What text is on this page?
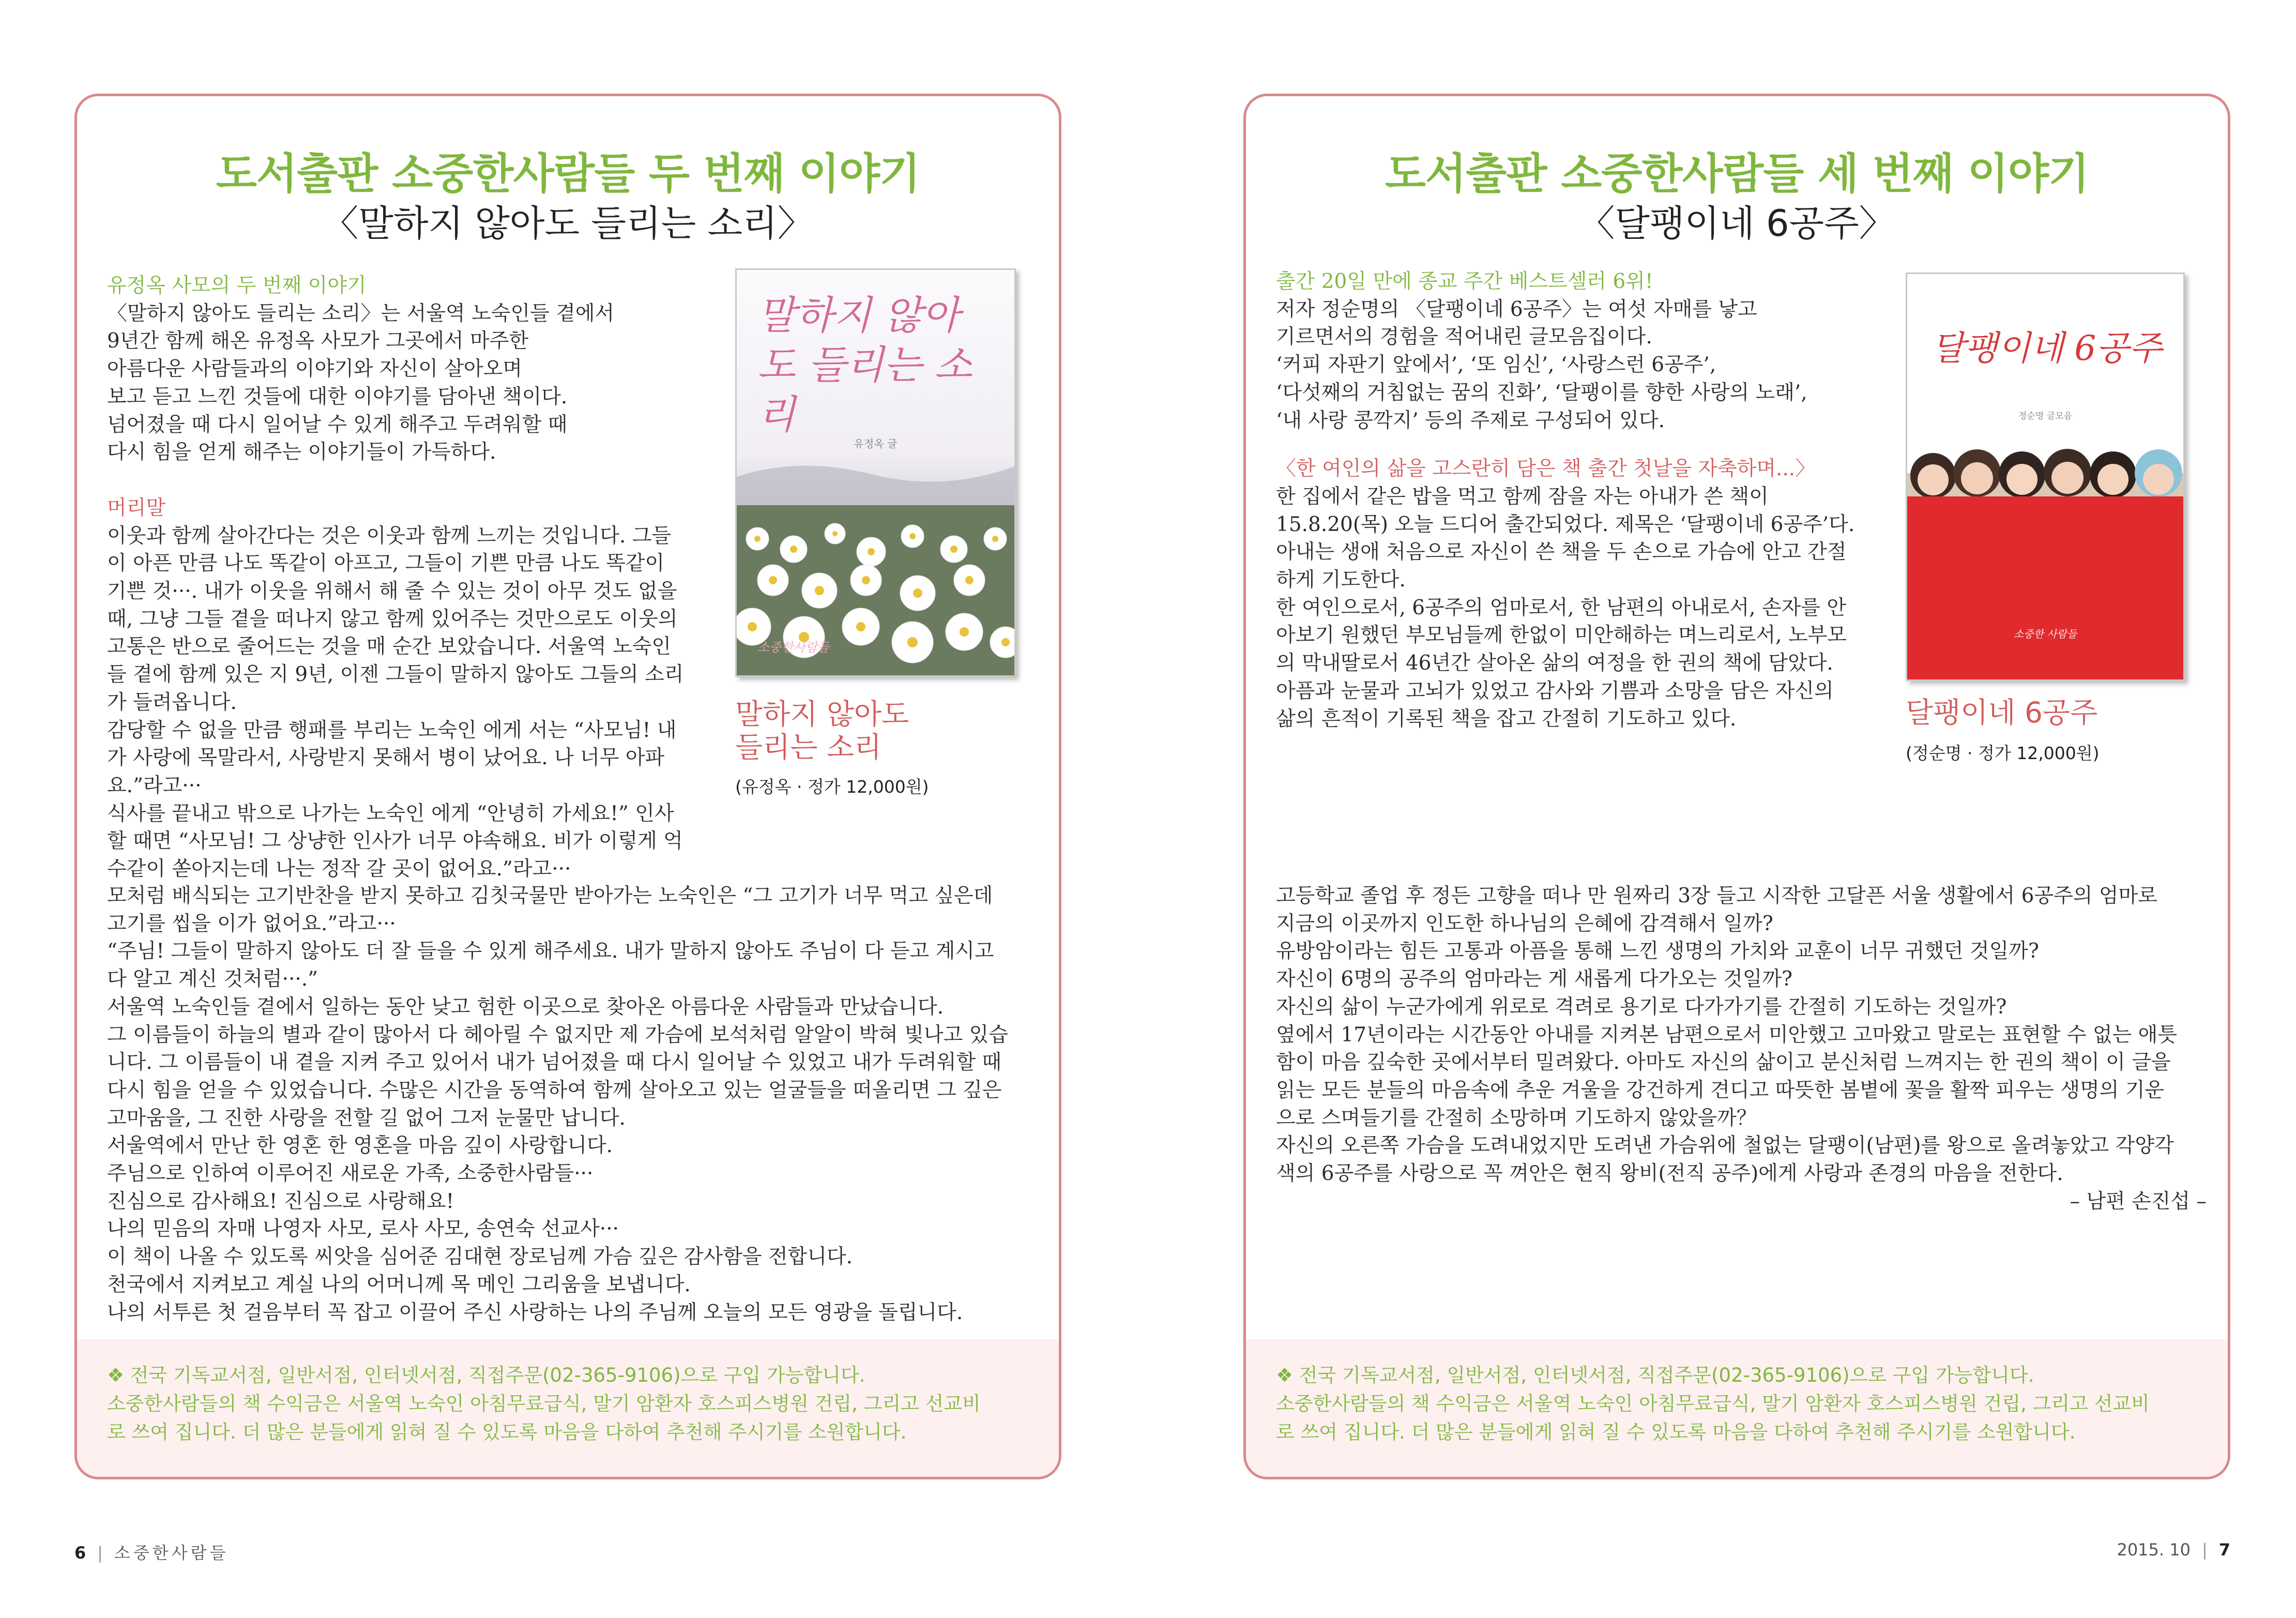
도서출판 소중한사람들 두 번째 이야기
〈말하지 않아도 들리는 소리〉

유정옥 사모의 두 번째 이야기

〈말하지 않아도 들리는 소리〉는 서울역 노숙인들 곁에서

9년간 함께 해온 유정옥 사모가 그곳에서 마주한

아름다운 사람들과의 이야기와 자신이 살아오며

보고 듣고 느낀 것들에 대한 이야기를 담아낸 책이다.

넘어졌을 때 다시 일어날 수 있게 해주고 두려워할 때

다시 힘을 얻게 해주는 이야기들이 가득하다.

머리말

이웃과 함께 살아간다는 것은 이웃과 함께 느끼는 것입니다. 그들

이 아픈 만큼 나도 똑같이 아프고, 그들이 기쁜 만큼 나도 똑같이

기쁜 것···. 내가 이웃을 위해서 해 줄 수 있는 것이 아무 것도 없을

때, 그냥 그들 곁을 떠나지 않고 함께 있어주는 것만으로도 이웃의

고통은 반으로 줄어드는 것을 매 순간 보았습니다. 서울역 노숙인

들 곁에 함께 있은 지 9년, 이젠 그들이 말하지 않아도 그들의 소리

가 들려옵니다.

감당할 수 없을 만큼 행패를 부리는 노숙인 에게 서는 “사모님! 내

가 사랑에 목말라서, 사랑받지 못해서 병이 났어요. 나 너무 아파

요.”라고···

식사를 끝내고 밖으로 나가는 노숙인 에게 “안녕히 가세요!” 인사

할 때면 “사모님! 그 상냥한 인사가 너무 야속해요. 비가 이렇게 억

수같이 쏟아지는데 나는 정작 갈 곳이 없어요.”라고···

모처럼 배식되는 고기반찬을 받지 못하고 김칫국물만 받아가는 노숙인은 “그 고기가 너무 먹고 싶은데

고기를 씹을 이가 없어요.”라고···

“주님! 그들이 말하지 않아도 더 잘 들을 수 있게 해주세요. 내가 말하지 않아도 주님이 다 듣고 계시고

다 알고 계신 것처럼···.”

서울역 노숙인들 곁에서 일하는 동안 낮고 험한 이곳으로 찾아온 아름다운 사람들과 만났습니다.

그 이름들이 하늘의 별과 같이 많아서 다 헤아릴 수 없지만 제 가슴에 보석처럼 알알이 박혀 빛나고 있습

니다. 그 이름들이 내 곁을 지켜 주고 있어서 내가 넘어졌을 때 다시 일어날 수 있었고 내가 두려워할 때

다시 힘을 얻을 수 있었습니다. 수많은 시간을 동역하여 함께 살아오고 있는 얼굴들을 떠올리면 그 깊은

고마움을, 그 진한 사랑을 전할 길 없어 그저 눈물만 납니다.

서울역에서 만난 한 영혼 한 영혼을 마음 깊이 사랑합니다.

주님으로 인하여 이루어진 새로운 가족, 소중한사람들···

진심으로 감사해요! 진심으로 사랑해요!

나의 믿음의 자매 나영자 사모, 로사 사모, 송연숙 선교사···

이 책이 나올 수 있도록 씨앗을 심어준 김대현 장로님께 가슴 깊은 감사함을 전합니다.

천국에서 지켜보고 계실 나의 어머니께 목 메인 그리움을 보냅니다.

나의 서투른 첫 걸음부터 꼭 잡고 이끌어 주신 사랑하는 나의 주님께 오늘의 모든 영광을 돌립니다.

말하지 않아도 들리는 소리
유정옥 글
소중한사람들
말하지 않아도
들리는 소리
(유정옥 · 정가 12,000원)

❖ 전국 기독교서점, 일반서점, 인터넷서점, 직접주문(02-365-9106)으로 구입 가능합니다.

소중한사람들의 책 수익금은 서울역 노숙인 아침무료급식, 말기 암환자 호스피스병원 건립, 그리고 선교비

로 쓰여 집니다. 더 많은 분들에게 읽혀 질 수 있도록 마음을 다하여 추천해 주시기를 소원합니다.

도서출판 소중한사람들 세 번째 이야기
〈달팽이네 6공주〉

출간 20일 만에 종교 주간 베스트셀러 6위!

저자 정순명의 〈달팽이네 6공주〉는 여섯 자매를 낳고

기르면서의 경험을 적어내린 글모음집이다.

‘커피 자판기 앞에서’, ‘또 임신’, ‘사랑스런 6공주’,

‘다섯째의 거침없는 꿈의 진화’, ‘달팽이를 향한 사랑의 노래’,

‘내 사랑 콩깍지’ 등의 주제로 구성되어 있다.

〈한 여인의 삶을 고스란히 담은 책 출간 첫날을 자축하며...〉

한 집에서 같은 밥을 먹고 함께 잠을 자는 아내가 쓴 책이

15.8.20(목) 오늘 드디어 출간되었다. 제목은 ‘달팽이네 6공주’다.

아내는 생애 처음으로 자신이 쓴 책을 두 손으로 가슴에 안고 간절

하게 기도한다.

한 여인으로서, 6공주의 엄마로서, 한 남편의 아내로서, 손자를 안

아보기 원했던 부모님들께 한없이 미안해하는 며느리로서, 노부모

의 막내딸로서 46년간 살아온 삶의 여정을 한 권의 책에 담았다.

아픔과 눈물과 고뇌가 있었고 감사와 기쁨과 소망을 담은 자신의

삶의 흔적이 기록된 책을 잡고 간절히 기도하고 있다.

고등학교 졸업 후 정든 고향을 떠나 만 원짜리 3장 들고 시작한 고달픈 서울 생활에서 6공주의 엄마로

지금의 이곳까지 인도한 하나님의 은혜에 감격해서 일까?

유방암이라는 힘든 고통과 아픔을 통해 느낀 생명의 가치와 교훈이 너무 귀했던 것일까?

자신이 6명의 공주의 엄마라는 게 새롭게 다가오는 것일까?

자신의 삶이 누군가에게 위로로 격려로 용기로 다가가기를 간절히 기도하는 것일까?

옆에서 17년이라는 시간동안 아내를 지켜본 남편으로서 미안했고 고마왔고 말로는 표현할 수 없는 애틋

함이 마음 깊숙한 곳에서부터 밀려왔다. 아마도 자신의 삶이고 분신처럼 느껴지는 한 권의 책이 이 글을

읽는 모든 분들의 마음속에 추운 겨울을 강건하게 견디고 따뜻한 봄볕에 꽃을 활짝 피우는 생명의 기운

으로 스며들기를 간절히 소망하며 기도하지 않았을까？

자신의 오른쪽 가슴을 도려내었지만 도려낸 가슴위에 철없는 달팽이(남편)를 왕으로 올려놓았고 각양각

색의 6공주를 사랑으로 꼭 껴안은 현직 왕비(전직 공주)에게 사랑과 존경의 마음을 전한다.

– 남편 손진섭 –

달팽이네 6공주
정순명 글모음
소중한 사람들
달팽이네 6공주
(정순명 · 정가 12,000원)

❖ 전국 기독교서점, 일반서점, 인터넷서점, 직접주문(02-365-9106)으로 구입 가능합니다.

소중한사람들의 책 수익금은 서울역 노숙인 아침무료급식, 말기 암환자 호스피스병원 건립, 그리고 선교비

로 쓰여 집니다. 더 많은 분들에게 읽혀 질 수 있도록 마음을 다하여 추천해 주시기를 소원합니다.

6 | 소중한사람들	2015. 10 | 7
